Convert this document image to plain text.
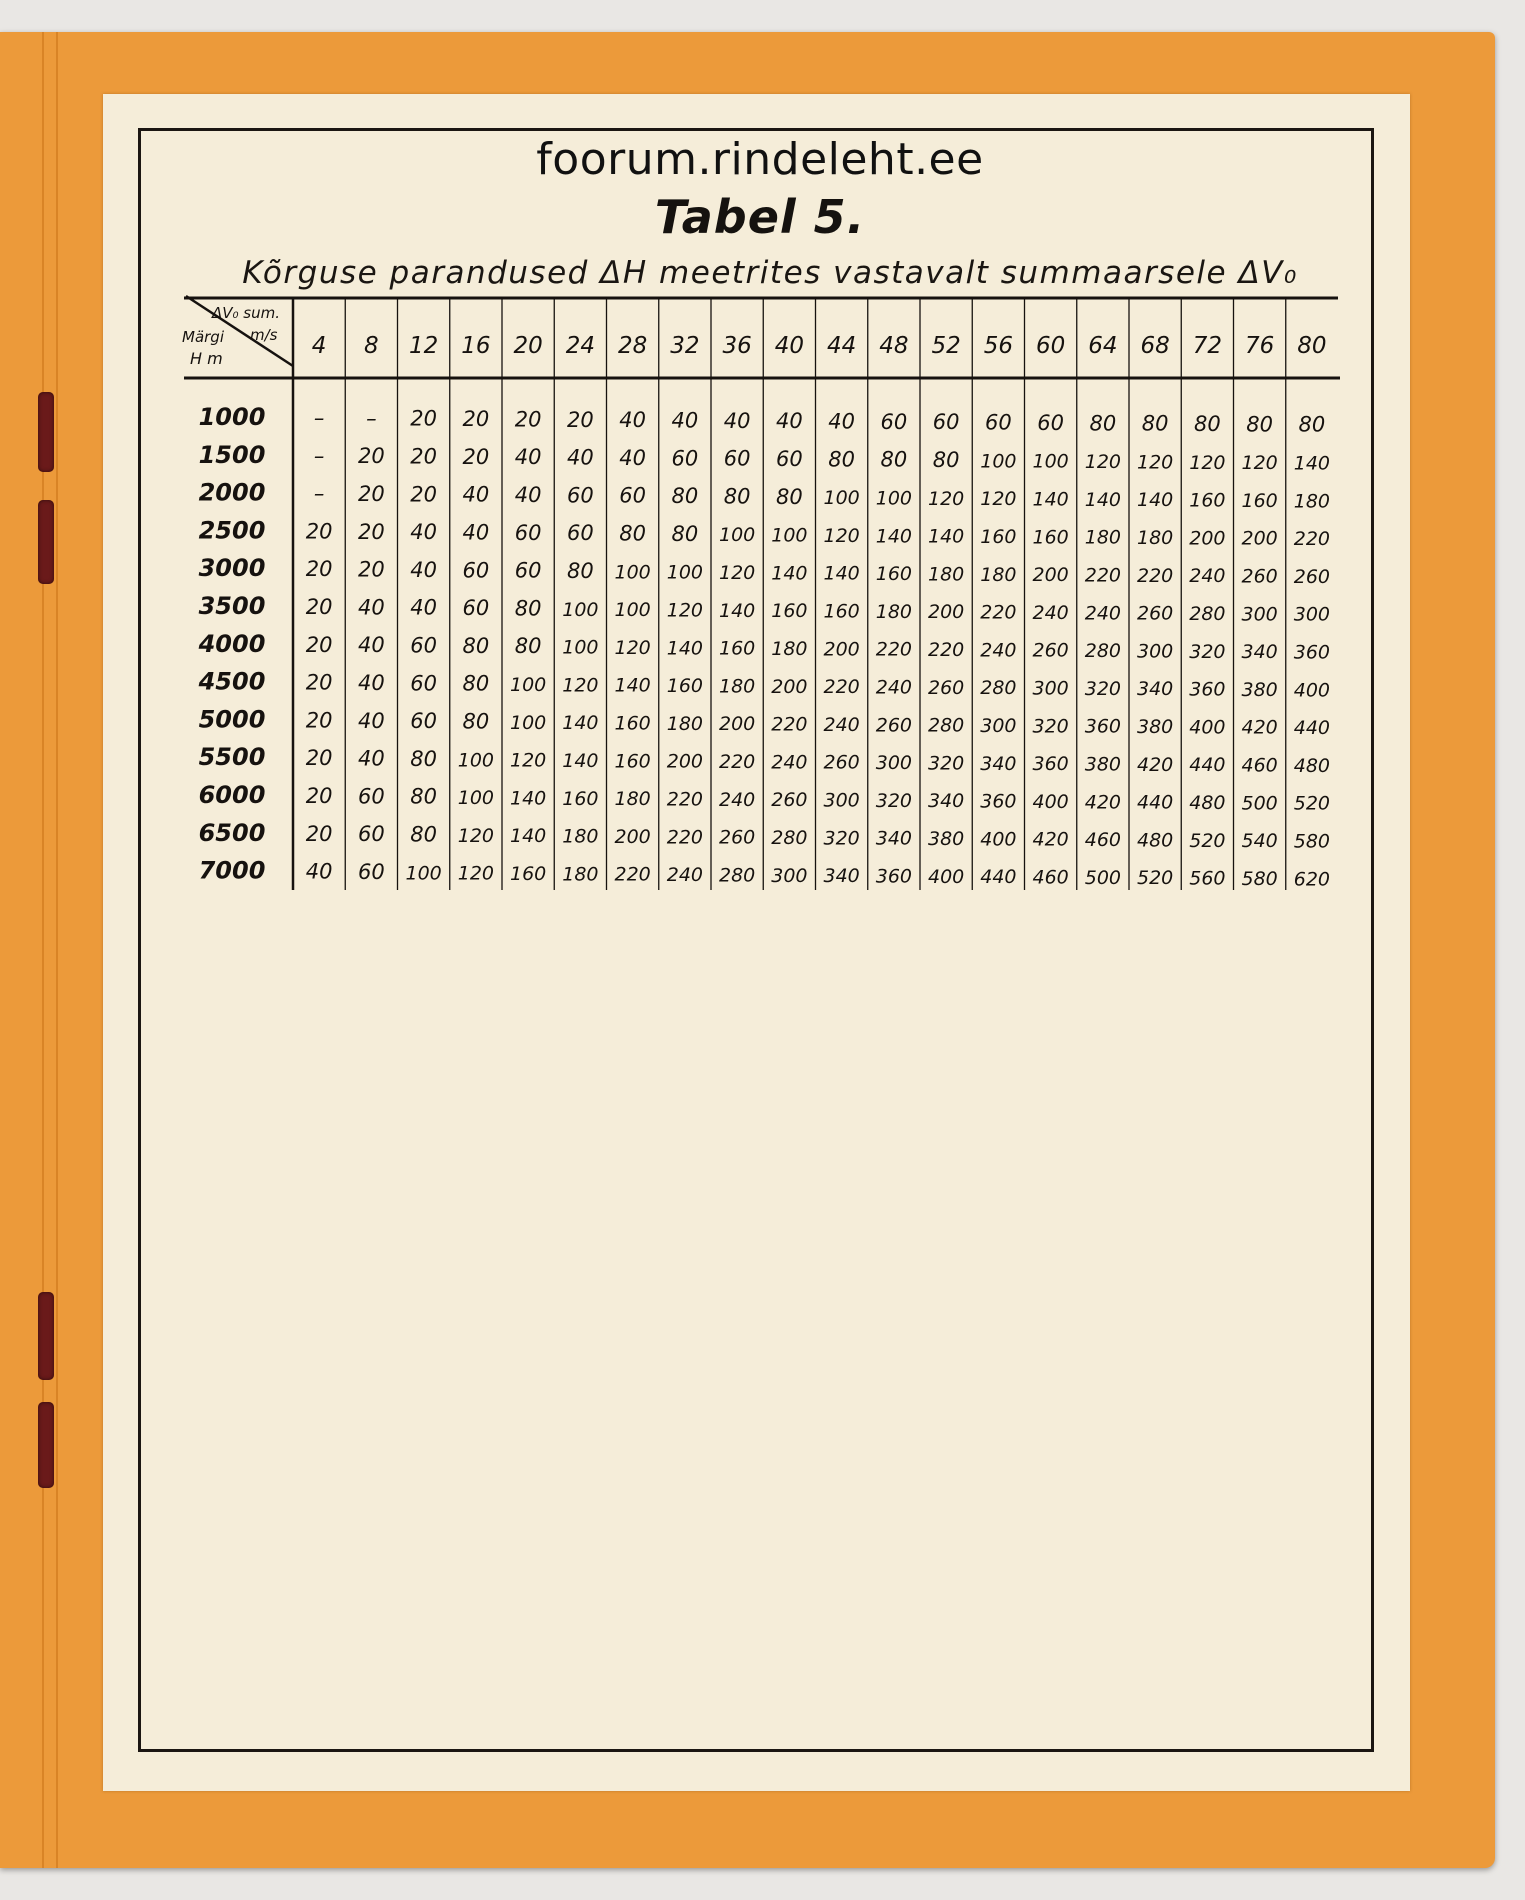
foorum.rindeleht.ee
Tabel 5.
Kõrguse parandused ΔH meetrites vastavalt summaarsele ΔV₀
ΔV₀ sum.
m/s
Märgi
H m	4 8 12 16 20 24 28 32 36 40 44 48 52 56 60 64 68 72 76 80
1000
1500
2000
2500
3000
3500
4000
4500
5000
5500
6000
6500
7000
– – 20 20 20 20 40 40 40 40 40 60 60 60 60 80 80 80 80 80
– 20 20 20 40 40 40 60 60 60 80 80 80 100 100 120 120 120 120 140
– 20 20 40 40 60 60 80 80 80 100 100 120 120 140 140 140 160 160 180
20 20 40 40 60 60 80 80 100 100 120 140 140 160 160 180 180 200 200 220
20 20 40 60 60 80 100 100 120 140 140 160 180 180 200 220 220 240 260 260
20 40 40 60 80 100 100 120 140 160 160 180 200 220 240 240 260 280 300 300
20 40 60 80 80 100 120 140 160 180 200 220 220 240 260 280 300 320 340 360
20 40 60 80 100 120 140 160 180 200 220 240 260 280 300 320 340 360 380 400
20 40 60 80 100 140 160 180 200 220 240 260 280 300 320 360 380 400 420 440
20 40 80 100 120 140 160 200 220 240 260 300 320 340 360 380 420 440 460 480
20 60 80 100 140 160 180 220 240 260 300 320 340 360 400 420 440 480 500 520
20 60 80 120 140 180 200 220 260 280 320 340 380 400 420 460 480 520 540 580
40 60 100 120 160 180 220 240 280 300 340 360 400 440 460 500 520 560 580 620
